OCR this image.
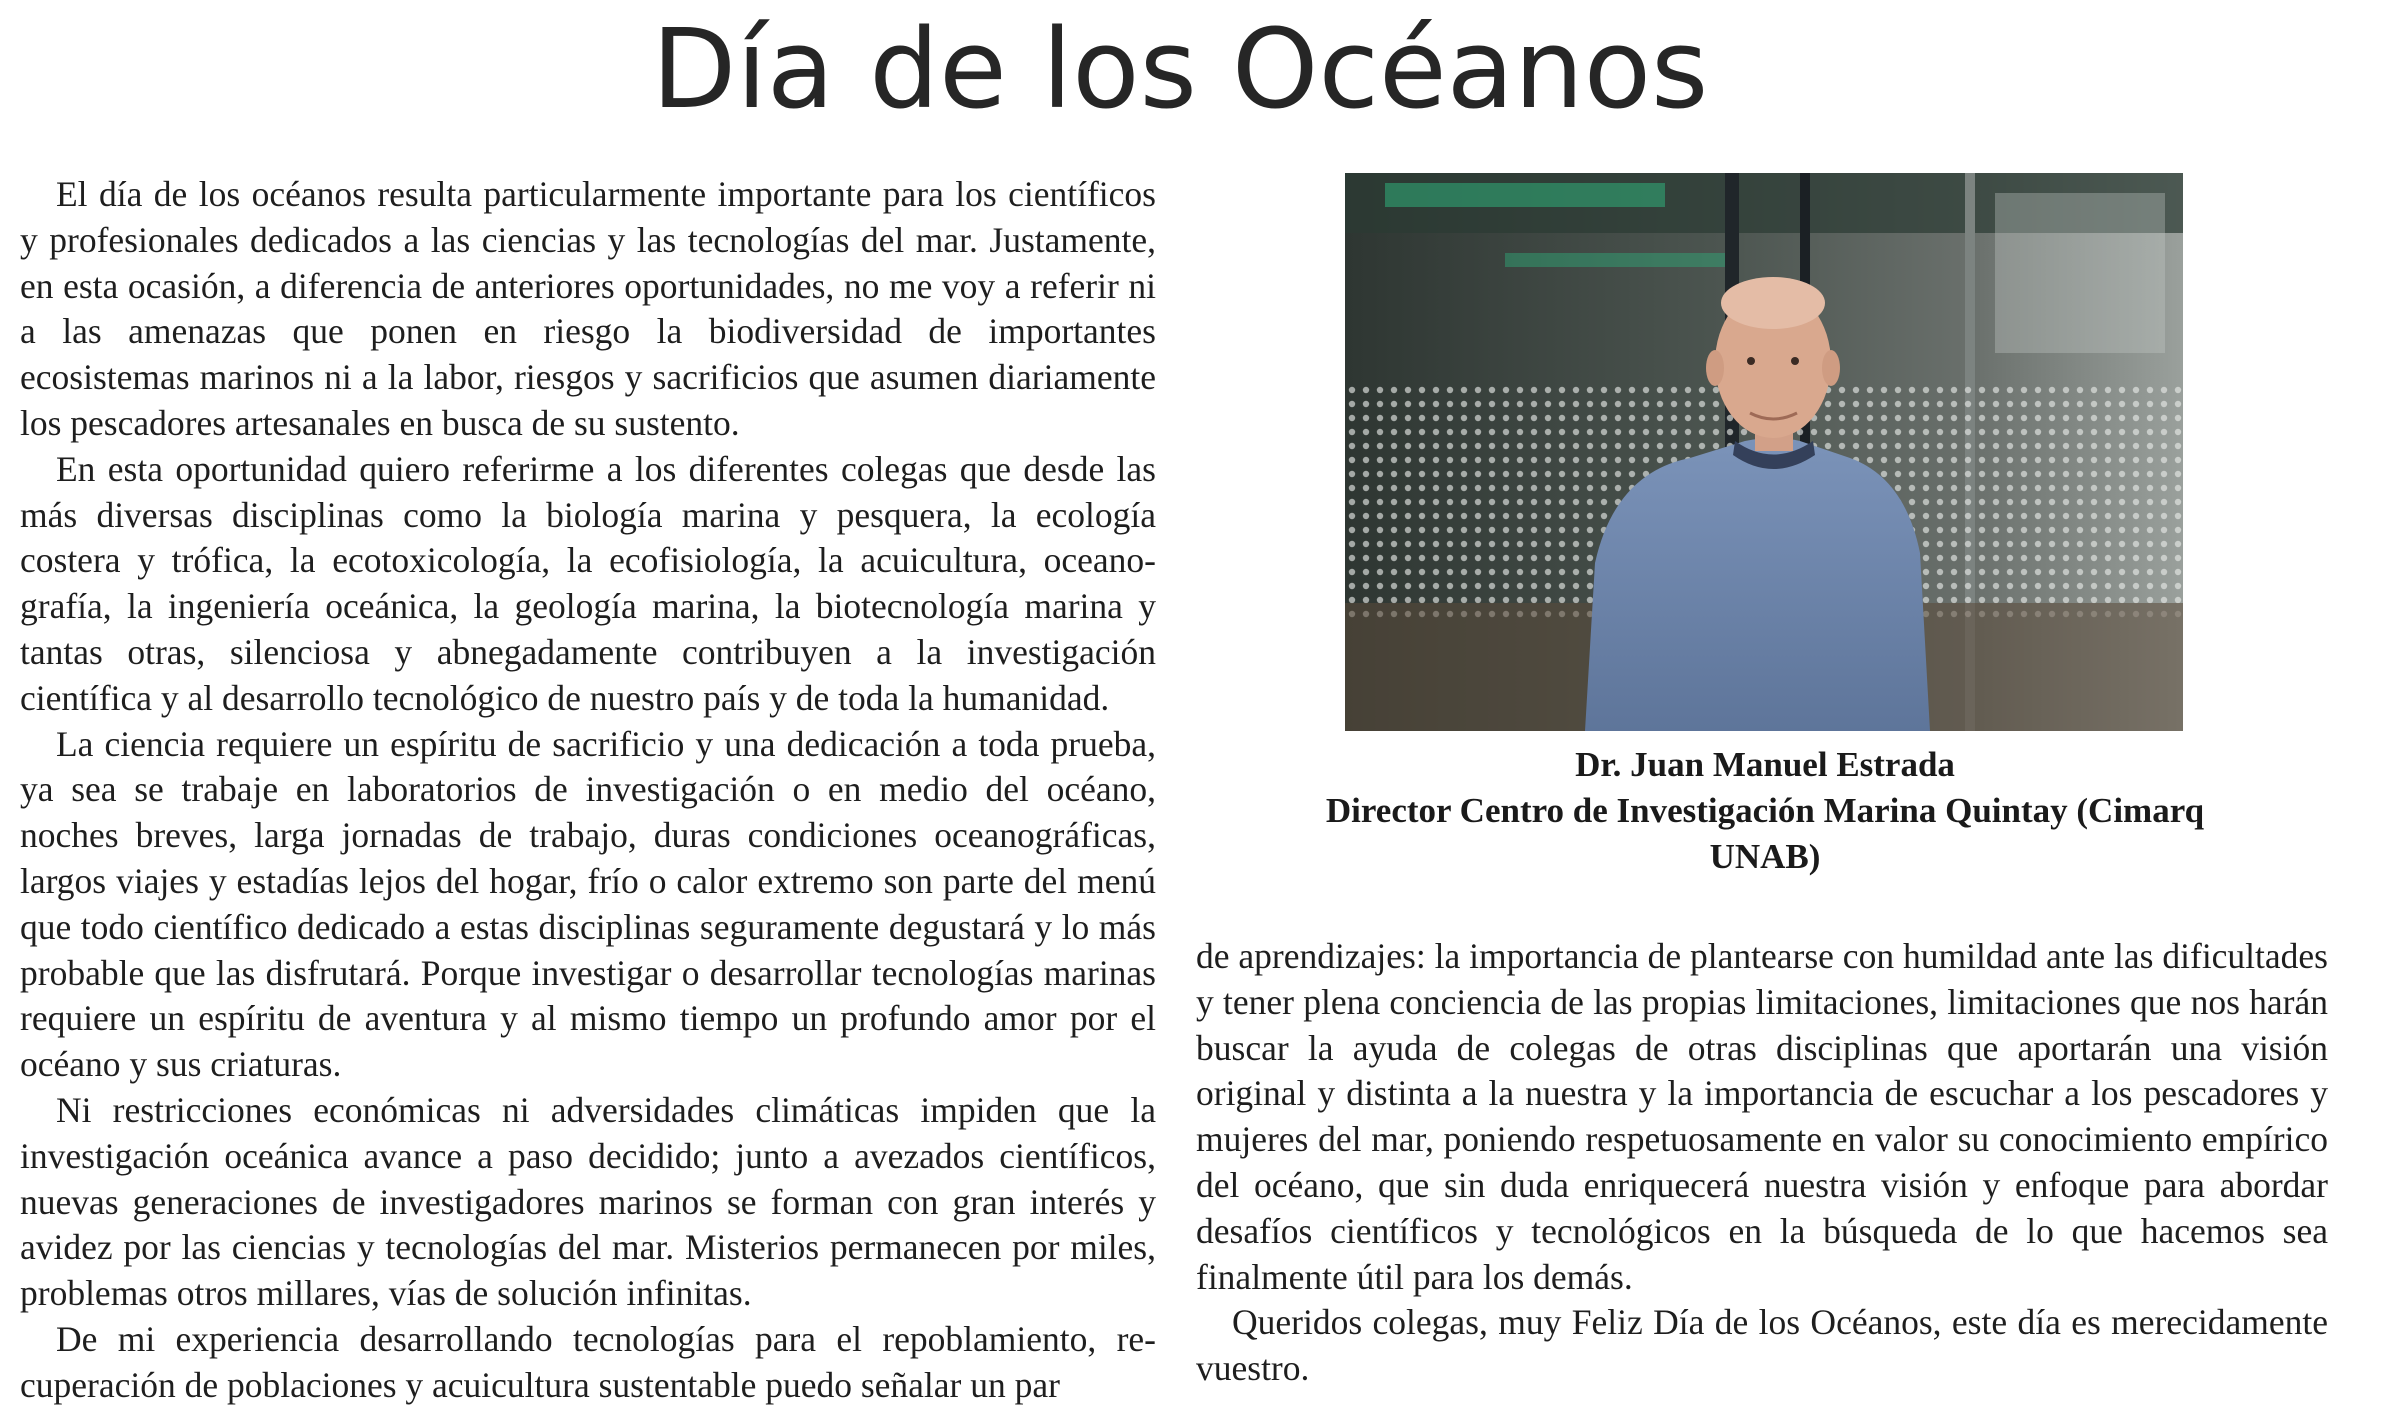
Día de los Océanos

El día de los océanos resulta particularmente importante para los científicos y profesionales dedicados a las ciencias y las tecnologías del mar. Justamente, en esta ocasión, a diferencia de anteriores oportunidades, no me voy a referir ni a las amenazas que ponen en riesgo la biodiversidad de importantes ecosistemas marinos ni a la labor, riesgos y sacrificios que asumen diariamente los pescadores artesanales en busca de su sustento.

En esta oportunidad quiero referirme a los diferentes colegas que desde las más diversas disciplinas como la biología marina y pesquera, la ecología costera y trófica, la ecotoxicología, la ecofisiología, la acuicultura, oceanografía, la ingeniería oceánica, la geología marina, la biotecnología marina y tantas otras, silenciosa y abnegadamente contribuyen a la investigación científica y al desarrollo tecnológico de nuestro país y de toda la humanidad.

La ciencia requiere un espíritu de sacrificio y una dedicación a toda prueba, ya sea se trabaje en laboratorios de investigación o en medio del océano, noches breves, larga jornadas de trabajo, duras condiciones oceanográficas, largos viajes y estadías lejos del hogar, frío o calor extremo son parte del menú que todo científico dedicado a estas disciplinas seguramente degustará y lo más probable que las disfrutará. Porque investigar o desarrollar tecnologías marinas requiere un espíritu de aventura y al mismo tiempo un profundo amor por el océano y sus criaturas.

Ni restricciones económicas ni adversidades climáticas impiden que la investigación oceánica avance a paso decidido; junto a avezados científicos, nuevas generaciones de investigadores marinos se forman con gran interés y avidez por las ciencias y tecnologías del mar. Misterios permanecen por miles, problemas otros millares, vías de solución infinitas.

De mi experiencia desarrollando tecnologías para el repoblamiento, recuperación de poblaciones y acuicultura sustentable puedo señalar un par

Dr. Juan Manuel Estrada
Director Centro de Investigación Marina Quintay (Cimarq
UNAB)

de aprendizajes: la importancia de plantearse con humildad ante las dificultades y tener plena conciencia de las propias limitaciones, limitaciones que nos harán buscar la ayuda de colegas de otras disciplinas que aportarán una visión original y distinta a la nuestra y la importancia de escuchar a los pescadores y mujeres del mar, poniendo respetuosamente en valor su conocimiento empírico del océano, que sin duda enriquecerá nuestra visión y enfoque para abordar desafíos científicos y tecnológicos en la búsqueda de lo que hacemos sea finalmente útil para los demás.

Queridos colegas, muy Feliz Día de los Océanos, este día es merecidamente vuestro.
